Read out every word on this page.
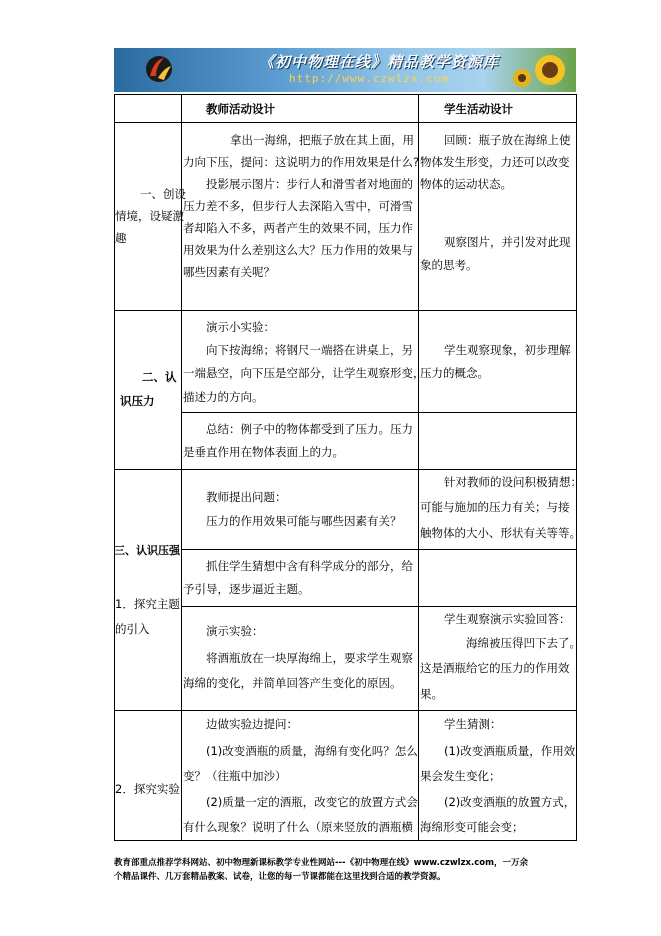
《初中物理在线》精品教学资源库
http://www.czwlzx.com
教师活动设计	学生活动设计
一、创设
情境，设疑激
趣
二、认
识压力
三、认识压强
1．探究主题
的引入
2．探究实验
拿出一海绵，把瓶子放在其上面，用
力向下压，提问：这说明力的作用效果是什么?
投影展示图片：步行人和滑雪者对地面的
压力差不多，但步行人去深陷入雪中，可滑雪
者却陷入不多，两者产生的效果不同，压力作
用效果为什么差别这么大？压力作用的效果与
哪些因素有关呢？
演示小实验：
向下按海绵；将钢尺一端搭在讲桌上，另
一端悬空，向下压是空部分，让学生观察形变，
描述力的方向。
总结：例子中的物体都受到了压力。压力
是垂直作用在物体表面上的力。
教师提出问题：
压力的作用效果可能与哪些因素有关？
抓住学生猜想中含有科学成分的部分，给
予引导，逐步逼近主题。
演示实验：
将酒瓶放在一块厚海绵上，要求学生观察
海绵的变化，并简单回答产生变化的原因。
边做实验边提问：
(1)改变酒瓶的质量，海绵有变化吗？怎么
变？（往瓶中加沙）
(2)质量一定的酒瓶，改变它的放置方式会
有什么现象？说明了什么（原来竖放的酒瓶横
回顾：瓶子放在海绵上使
物体发生形变，力还可以改变
物体的运动状态。
观察图片，并引发对此现
象的思考。
学生观察现象，初步理解
压力的概念。
针对教师的设问积极猜想：
可能与施加的压力有关；与接
触物体的大小、形状有关等等。
学生观察演示实验回答：
海绵被压得凹下去了。
这是酒瓶给它的压力的作用效
果。
学生猜测：
(1)改变酒瓶质量，作用效
果会发生变化；
(2)改变酒瓶的放置方式，
海绵形变可能会变；
教育部重点推荐学科网站、初中物理新课标教学专业性网站---《初中物理在线》www.czwlzx.com，一万余
个精品课件、几万套精品教案、试卷，让您的每一节课都能在这里找到合适的教学资源。
